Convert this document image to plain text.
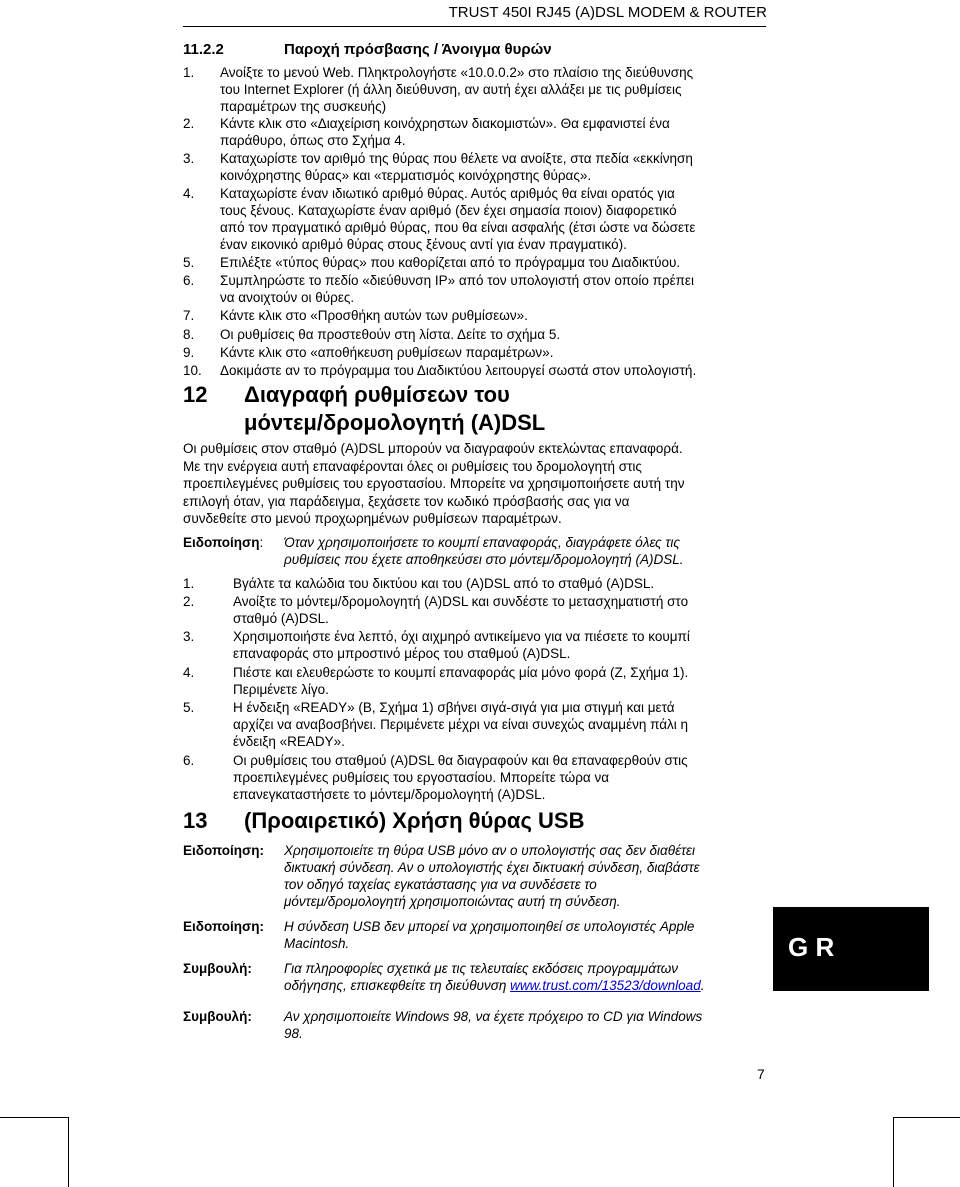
TRUST 450I RJ45 (A)DSL MODEM & ROUTER
11.2.2	Παροχή πρόσβασης / Άνοιγμα θυρών
1. Ανοίξτε το μενού Web. Πληκτρολογήστε «10.0.0.2» στο πλαίσιο της διεύθυνσης
του Internet Explorer (ή άλλη διεύθυνση, αν αυτή έχει αλλάξει με τις ρυθμίσεις
παραμέτρων της συσκευής)
2. Κάντε κλικ στο «Διαχείριση κοινόχρηστων διακομιστών». Θα εμφανιστεί ένα
παράθυρο, όπως στο Σχήμα 4.
3. Καταχωρίστε τον αριθμό της θύρας που θέλετε να ανοίξτε, στα πεδία «εκκίνηση
κοινόχρηστης θύρας» και «τερματισμός κοινόχρηστης θύρας».
4. Καταχωρίστε έναν ιδιωτικό αριθμό θύρας. Αυτός αριθμός θα είναι ορατός για
τους ξένους. Καταχωρίστε έναν αριθμό (δεν έχει σημασία ποιον) διαφορετικό
από τον πραγματικό αριθμό θύρας, που θα είναι ασφαλής (έτσι ώστε να δώσετε
έναν εικονικό αριθμό θύρας στους ξένους αντί για έναν πραγματικό).
5. Επιλέξτε «τύπος θύρας» που καθορίζεται από το πρόγραμμα του Διαδικτύου.
6. Συμπληρώστε το πεδίο «διεύθυνση IP» από τον υπολογιστή στον οποίο πρέπει
να ανοιχτούν οι θύρες.
7. Κάντε κλικ στο «Προσθήκη αυτών των ρυθμίσεων».
8. Οι ρυθμίσεις θα προστεθούν στη λίστα. Δείτε το σχήμα 5.
9. Κάντε κλικ στο «αποθήκευση ρυθμίσεων παραμέτρων».
10. Δοκιμάστε αν το πρόγραμμα του Διαδικτύου λειτουργεί σωστά στον υπολογιστή.
12 Διαγραφή ρυθμίσεων του
μόντεμ/δρομολογητή (A)DSL
Οι ρυθμίσεις στον σταθμό (A)DSL μπορούν να διαγραφούν εκτελώντας επαναφορά.
Με την ενέργεια αυτή επαναφέρονται όλες οι ρυθμίσεις του δρομολογητή στις
προεπιλεγμένες ρυθμίσεις του εργοστασίου. Μπορείτε να χρησιμοποιήσετε αυτή την
επιλογή όταν, για παράδειγμα, ξεχάσετε τον κωδικό πρόσβασής σας για να
συνδεθείτε στο μενού προχωρημένων ρυθμίσεων παραμέτρων.
Ειδοποίηση: Όταν χρησιμοποιήσετε το κουμπί επαναφοράς, διαγράφετε όλες τις
ρυθμίσεις που έχετε αποθηκεύσει στο μόντεμ/δρομολογητή (A)DSL.
1.	Βγάλτε τα καλώδια του δικτύου και του (A)DSL από το σταθμό (A)DSL.
2.	Ανοίξτε το μόντεμ/δρομολογητή (A)DSL και συνδέστε το μετασχηματιστή στο
σταθμό (A)DSL.
3.	Χρησιμοποιήστε ένα λεπτό, όχι αιχμηρό αντικείμενο για να πιέσετε το κουμπί
επαναφοράς στο μπροστινό μέρος του σταθμού (A)DSL.
4.	Πιέστε και ελευθερώστε το κουμπί επαναφοράς μία μόνο φορά (Z, Σχήμα 1).
Περιμένετε λίγο.
5.	Η ένδειξη «READY» (B, Σχήμα 1) σβήνει σιγά-σιγά για μια στιγμή και μετά
αρχίζει να αναβοσβήνει. Περιμένετε μέχρι να είναι συνεχώς αναμμένη πάλι η
ένδειξη «READY».
6.	Οι ρυθμίσεις του σταθμού (A)DSL θα διαγραφούν και θα επαναφερθούν στις
προεπιλεγμένες ρυθμίσεις του εργοστασίου. Μπορείτε τώρα να
επανεγκαταστήσετε το μόντεμ/δρομολογητή (A)DSL.
13 (Προαιρετικό) Χρήση θύρας USB
Ειδοποίηση: Χρησιμοποιείτε τη θύρα USB μόνο αν ο υπολογιστής σας δεν διαθέτει
δικτυακή σύνδεση. Αν ο υπολογιστής έχει δικτυακή σύνδεση, διαβάστε
τον οδηγό ταχείας εγκατάστασης για να συνδέσετε το
μόντεμ/δρομολογητή χρησιμοποιώντας αυτή τη σύνδεση.
Ειδοποίηση: Η σύνδεση USB δεν μπορεί να χρησιμοποιηθεί σε υπολογιστές Apple
Macintosh.
Συμβουλή: Για πληροφορίες σχετικά με τις τελευταίες εκδόσεις προγραμμάτων
οδήγησης, επισκεφθείτε τη διεύθυνση www.trust.com/13523/download.
Συμβουλή: Αν χρησιμοποιείτε Windows 98, να έχετε πρόχειρο το CD για Windows
98.
G R
7
